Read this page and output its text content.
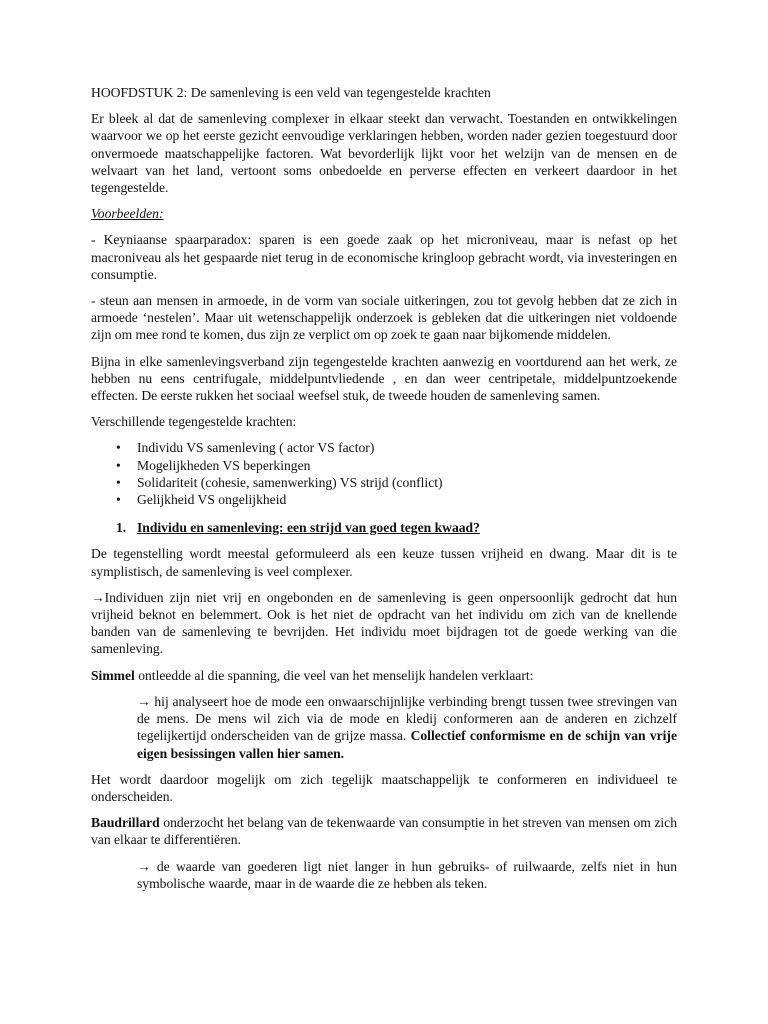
HOOFDSTUK 2: De samenleving is een veld van tegengestelde krachten

Er bleek al dat de samenleving complexer in elkaar steekt dan verwacht. Toestanden en ontwikkelingen waarvoor we op het eerste gezicht eenvoudige verklaringen hebben, worden nader gezien toegestuurd door onvermoede maatschappelijke factoren. Wat bevorderlijk lijkt voor het welzijn van de mensen en de welvaart van het land, vertoont soms onbedoelde en perverse effecten en verkeert daardoor in het tegengestelde.

Voorbeelden:

- Keyniaanse spaarparadox: sparen is een goede zaak op het microniveau, maar is nefast op het macroniveau als het gespaarde niet terug in de economische kringloop gebracht wordt, via investeringen en consumptie.

- steun aan mensen in armoede, in de vorm van sociale uitkeringen, zou tot gevolg hebben dat ze zich in armoede ‘nestelen’. Maar uit wetenschappelijk onderzoek is gebleken dat die uitkeringen niet voldoende zijn om mee rond te komen, dus zijn ze verplict om op zoek te gaan naar bijkomende middelen.

Bijna in elke samenlevingsverband zijn tegengestelde krachten aanwezig en voortdurend aan het werk, ze hebben nu eens centrifugale, middelpuntvliedende , en dan weer centripetale, middelpuntzoekende effecten. De eerste rukken het sociaal weefsel stuk, de tweede houden de samenleving samen.

Verschillende tegengestelde krachten:

• Individu VS samenleving ( actor VS factor)
• Mogelijkheden VS beperkingen
• Solidariteit (cohesie, samenwerking) VS strijd (conflict)
• Gelijkheid VS ongelijkheid
1. Individu en samenleving: een strijd van goed tegen kwaad?

De tegenstelling wordt meestal geformuleerd als een keuze tussen vrijheid en dwang. Maar dit is te symplistisch, de samenleving is veel complexer.

→Individuen zijn niet vrij en ongebonden en de samenleving is geen onpersoonlijk gedrocht dat hun vrijheid beknot en belemmert. Ook is het niet de opdracht van het individu om zich van de knellende banden van de samenleving te bevrijden. Het individu moet bijdragen tot de goede werking van die samenleving.

Simmel ontleedde al die spanning, die veel van het menselijk handelen verklaart:

→ hij analyseert hoe de mode een onwaarschijnlijke verbinding brengt tussen twee strevingen van de mens. De mens wil zich via de mode en kledij conformeren aan de anderen en zichzelf tegelijkertijd onderscheiden van de grijze massa. Collectief conformisme en de schijn van vrije eigen besissingen vallen hier samen.

Het wordt daardoor mogelijk om zich tegelijk maatschappelijk te conformeren en individueel te onderscheiden.

Baudrillard onderzocht het belang van de tekenwaarde van consumptie in het streven van mensen om zich van elkaar te differentiëren.

→ de waarde van goederen ligt niet langer in hun gebruiks- of ruilwaarde, zelfs niet in hun symbolische waarde, maar in de waarde die ze hebben als teken.
